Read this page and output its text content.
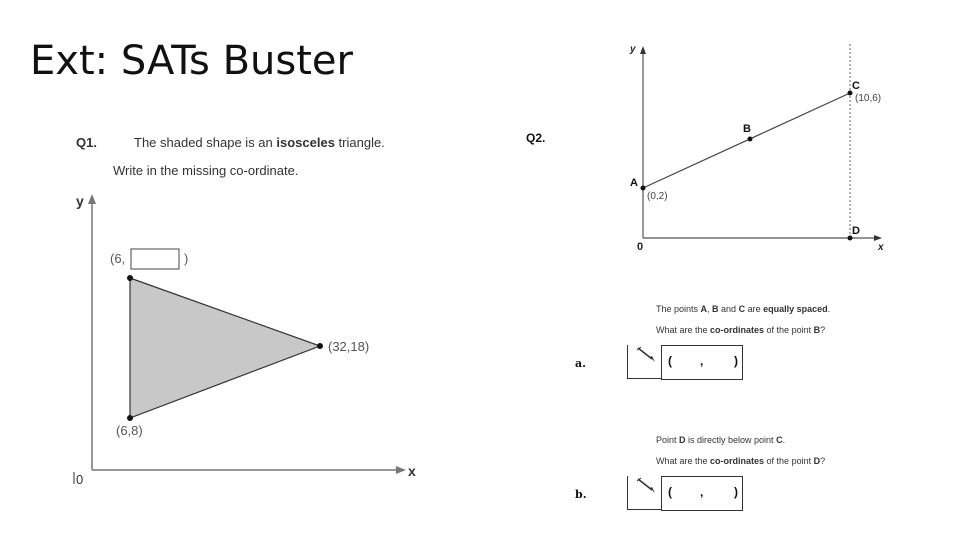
Ext: SATs Buster
Q1.	The shaded shape is an isosceles triangle.
Write in the missing co-ordinate.
y
x
0
(6,	)
(32,18)
(6,8)
Q2.
y
x
0
A
(0,2)
B
C
(10,6)
D
The points A, B and C are equally spaced.
What are the co-ordinates of the point B?
a.	( ,	)
Point D is directly below point C.
What are the co-ordinates of the point D?
b.	( ,	)
